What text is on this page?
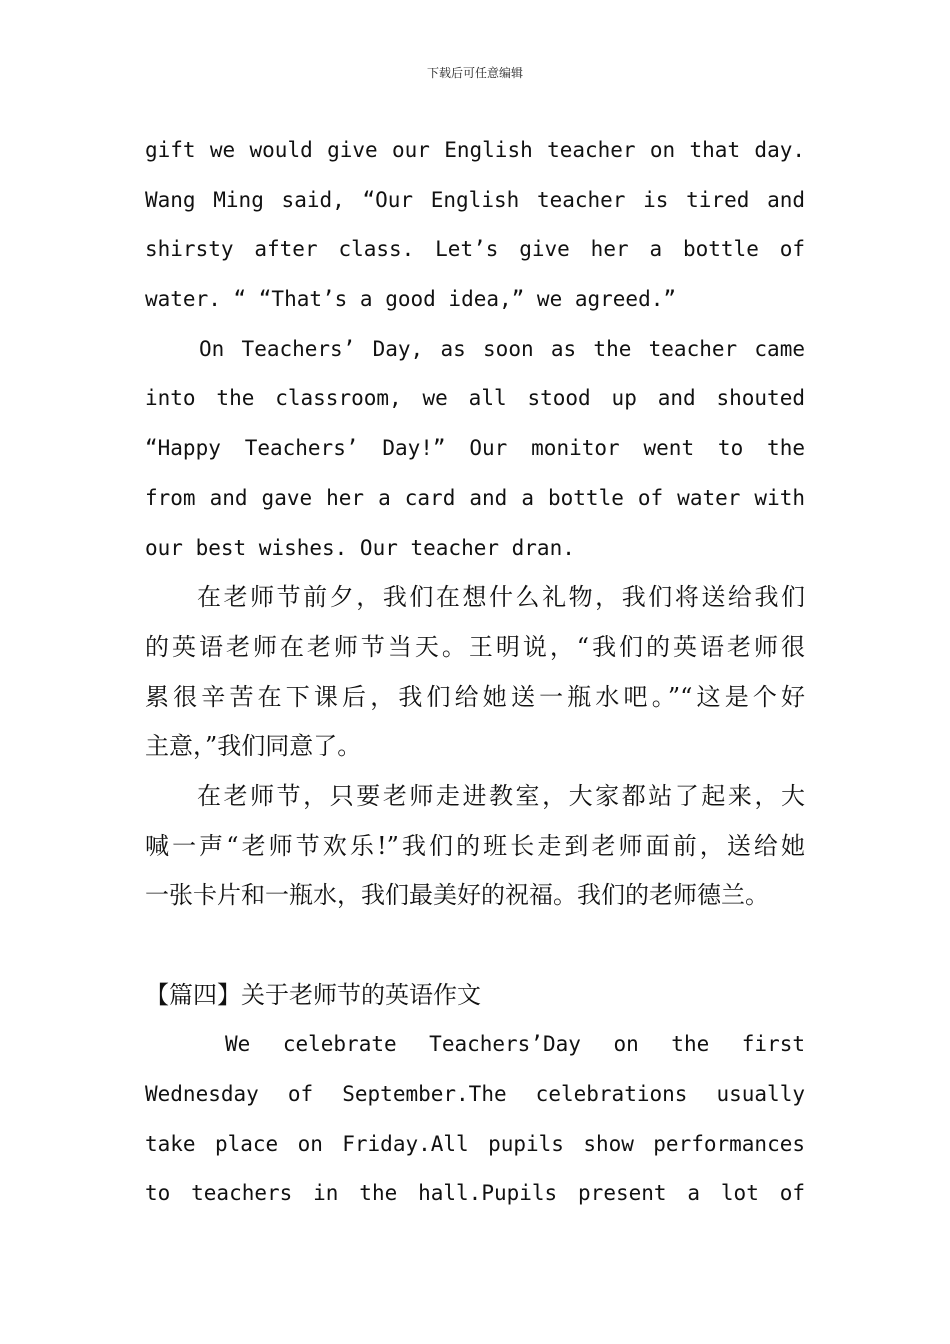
下载后可任意编辑
gift we would give our English teacher on that day.
Wang Ming said, “Our English teacher is tired and
shirsty after class. Let’s give her a bottle of
water. “ “That’s a good idea,” we agreed.”
On Teachers’ Day, as soon as the teacher came
into the classroom, we all stood up and shouted
“Happy Teachers’ Day!” Our monitor went to the
from and gave her a card and a bottle of water with
our best wishes. Our teacher dran.
在老师节前夕，我们在想什么礼物，我们将送给我们
的英语老师在老师节当天。王明说，“我们的英语老师很
累很辛苦在下课后，我们给她送一瓶水吧。”“这是个好
主意，”我们同意了。
在老师节，只要老师走进教室，大家都站了起来，大
喊一声“老师节欢乐!”我们的班长走到老师面前，送给她
一张卡片和一瓶水，我们最美好的祝福。我们的老师德兰。
【篇四】关于老师节的英语作文
We celebrate Teachers’Day on the first
Wednesday of September.The celebrations usually
take place on Friday.All pupils show performances
to teachers in the hall.Pupils present a lot of
